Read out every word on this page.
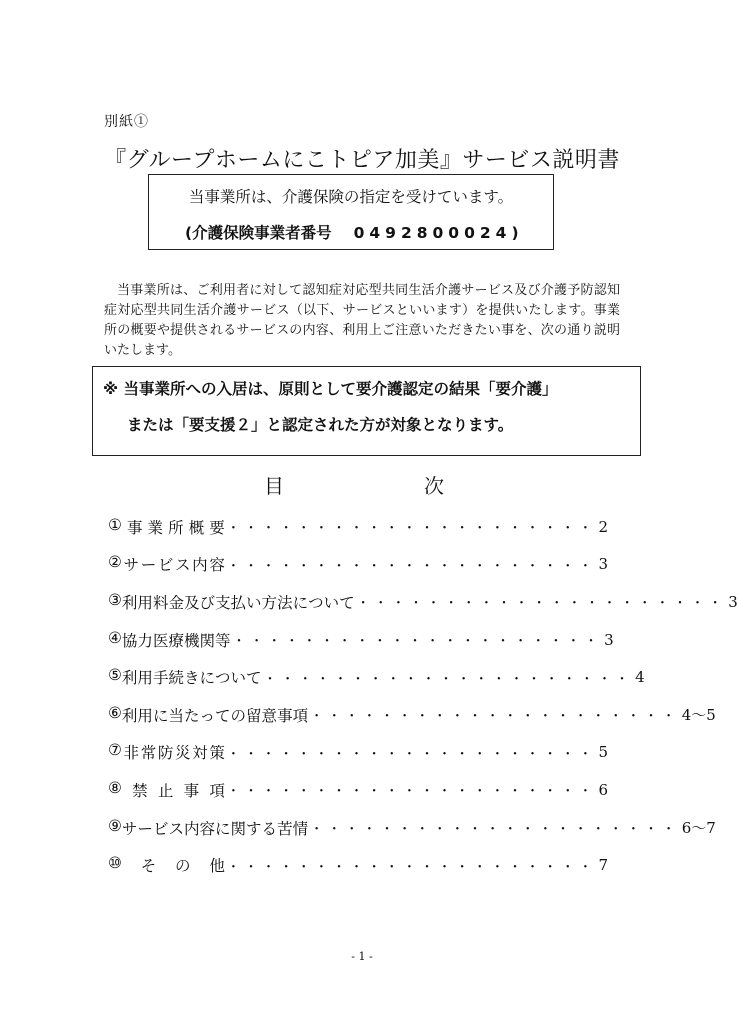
別紙①
『グループホームにこトピア加美』サービス説明書
当事業所は、介護保険の指定を受けています。
(介護保険事業者番号 0492800024)

当事業所は、ご利用者に対して認知症対応型共同生活介護サービス及び介護予防認知症対応型共同生活介護サービス（以下、サービスといいます）を提供いたします。事業所の概要や提供されるサービスの内容、利用上ご注意いただきたい事を、次の通り説明いたします。

※ 当事業所への入居は、原則として要介護認定の結果「要介護」
または「要支援２」と認定された方が対象となります。
目	次
① 事 業 所 概 要 ・・・・・・・・・・・・・・・・・・・・・ 2
② サ ー ビ ス 内 容 ・・・・・・・・・・・・・・・・・・・・・ 3
③ 利 用 料 金 及 び 支 払 い 方 法 に つ い て ・・・・・・・・・・・・・・・・・・・・・ 3
④ 協 力 医 療 機 関 等 ・・・・・・・・・・・・・・・・・・・・・ 3
⑤ 利 用 手 続 き に つ い て ・・・・・・・・・・・・・・・・・・・・・ 4
⑥ 利 用 に 当 た っ て の 留 意 事 項 ・・・・・・・・・・・・・・・・・・・・・ 4～5
⑦ 非 常 防 災 対 策 ・・・・・・・・・・・・・・・・・・・・・ 5
⑧ 禁 止 事 項 ・・・・・・・・・・・・・・・・・・・・・ 6
⑨ サ ー ビ ス 内 容 に 関 す る 苦 情 ・・・・・・・・・・・・・・・・・・・・・ 6～7
⑩ そ の 他 ・・・・・・・・・・・・・・・・・・・・・ 7
- 1 -
